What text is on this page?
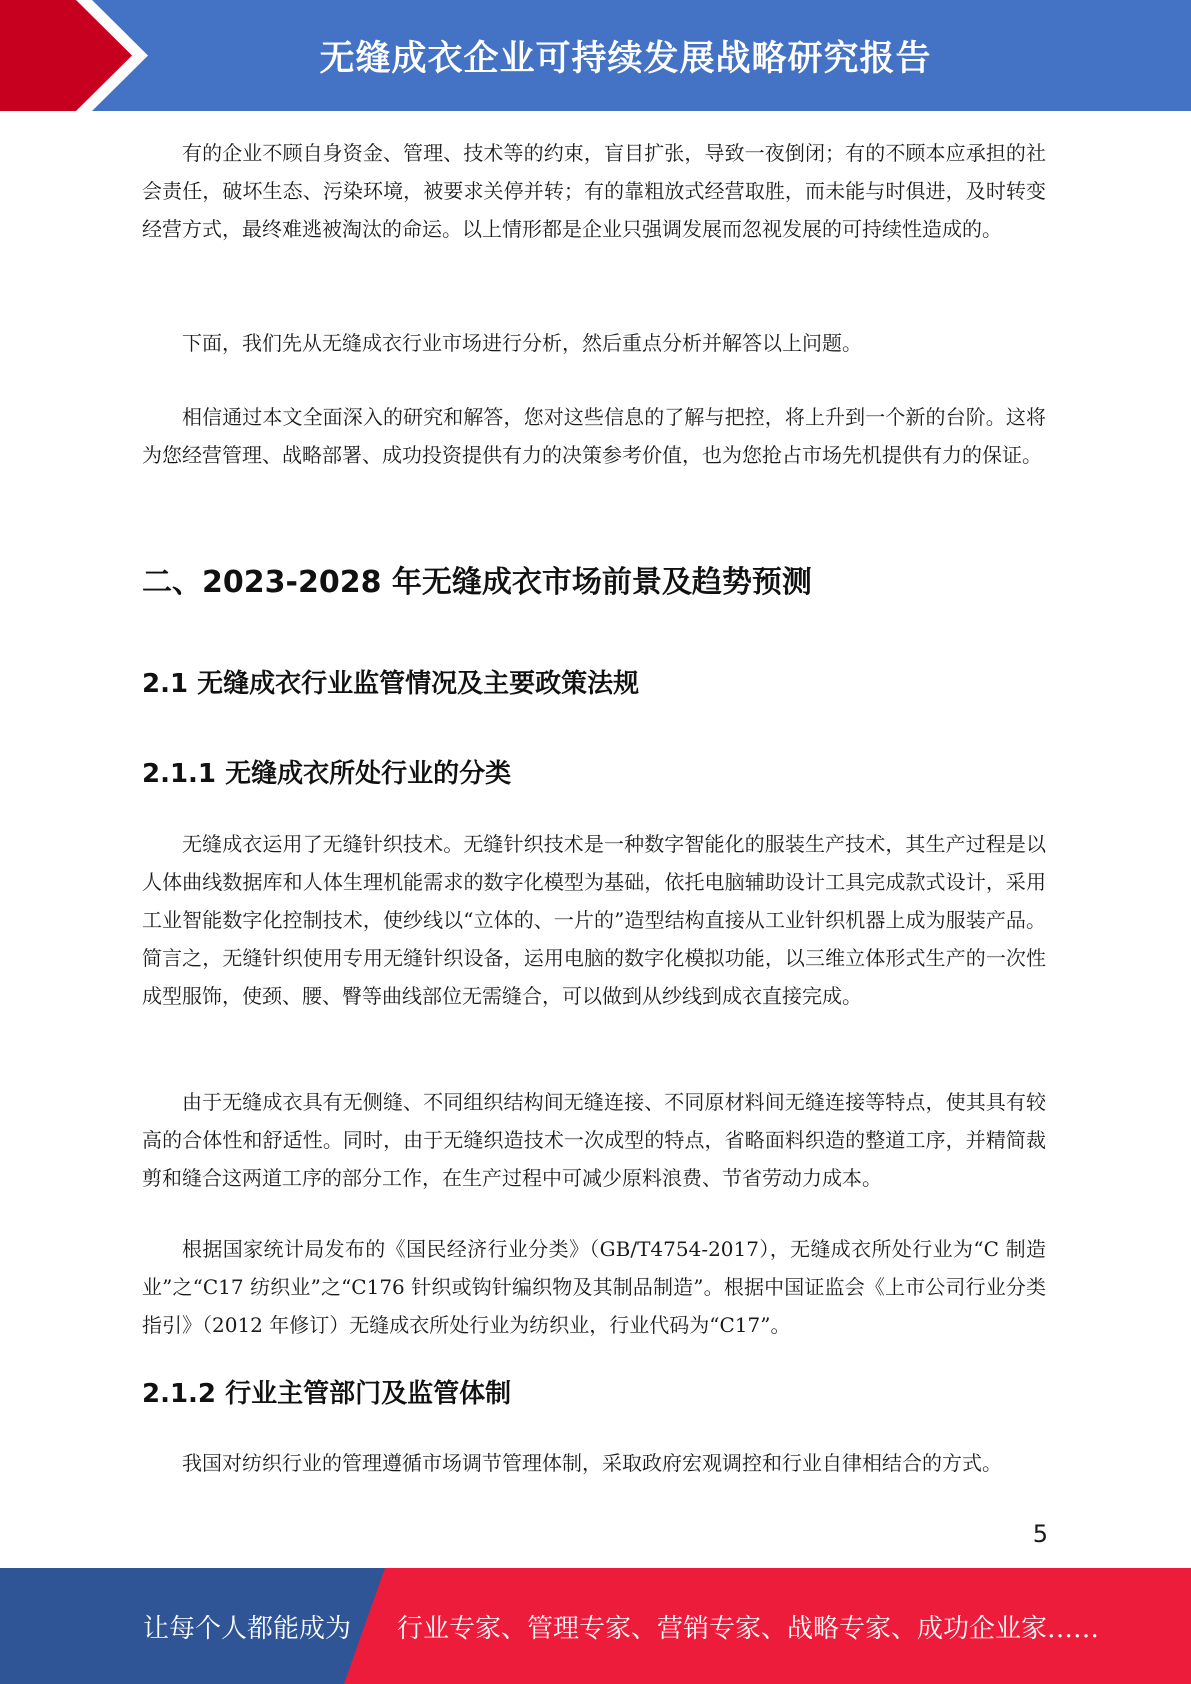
无缝成衣企业可持续发展战略研究报告

有的企业不顾自身资金、管理、技术等的约束，盲目扩张，导致一夜倒闭；有的不顾本应承担的社会责任，破坏生态、污染环境，被要求关停并转；有的靠粗放式经营取胜，而未能与时俱进，及时转变经营方式，最终难逃被淘汰的命运。以上情形都是企业只强调发展而忽视发展的可持续性造成的。

下面，我们先从无缝成衣行业市场进行分析，然后重点分析并解答以上问题。

相信通过本文全面深入的研究和解答，您对这些信息的了解与把控，将上升到一个新的台阶。这将为您经营管理、战略部署、成功投资提供有力的决策参考价值，也为您抢占市场先机提供有力的保证。

二、2023-2028 年无缝成衣市场前景及趋势预测
2.1 无缝成衣行业监管情况及主要政策法规
2.1.1 无缝成衣所处行业的分类

无缝成衣运用了无缝针织技术。无缝针织技术是一种数字智能化的服装生产技术，其生产过程是以人体曲线数据库和人体生理机能需求的数字化模型为基础，依托电脑辅助设计工具完成款式设计，采用工业智能数字化控制技术，使纱线以“立体的、一片的”造型结构直接从工业针织机器上成为服装产品。简言之，无缝针织使用专用无缝针织设备，运用电脑的数字化模拟功能，以三维立体形式生产的一次性成型服饰，使颈、腰、臀等曲线部位无需缝合，可以做到从纱线到成衣直接完成。

由于无缝成衣具有无侧缝、不同组织结构间无缝连接、不同原材料间无缝连接等特点，使其具有较高的合体性和舒适性。同时，由于无缝织造技术一次成型的特点，省略面料织造的整道工序，并精简裁剪和缝合这两道工序的部分工作，在生产过程中可减少原料浪费、节省劳动力成本。

根据国家统计局发布的《国民经济行业分类》（GB/T4754-2017），无缝成衣所处行业为“C 制造业”之“C17 纺织业”之“C176 针织或钩针编织物及其制品制造”。根据中国证监会《上市公司行业分类指引》（2012 年修订）无缝成衣所处行业为纺织业，行业代码为“C17”。

2.1.2 行业主管部门及监管体制

我国对纺织行业的管理遵循市场调节管理体制，采取政府宏观调控和行业自律相结合的方式。

5
让每个人都能成为 行业专家、管理专家、营销专家、战略专家、成功企业家……
